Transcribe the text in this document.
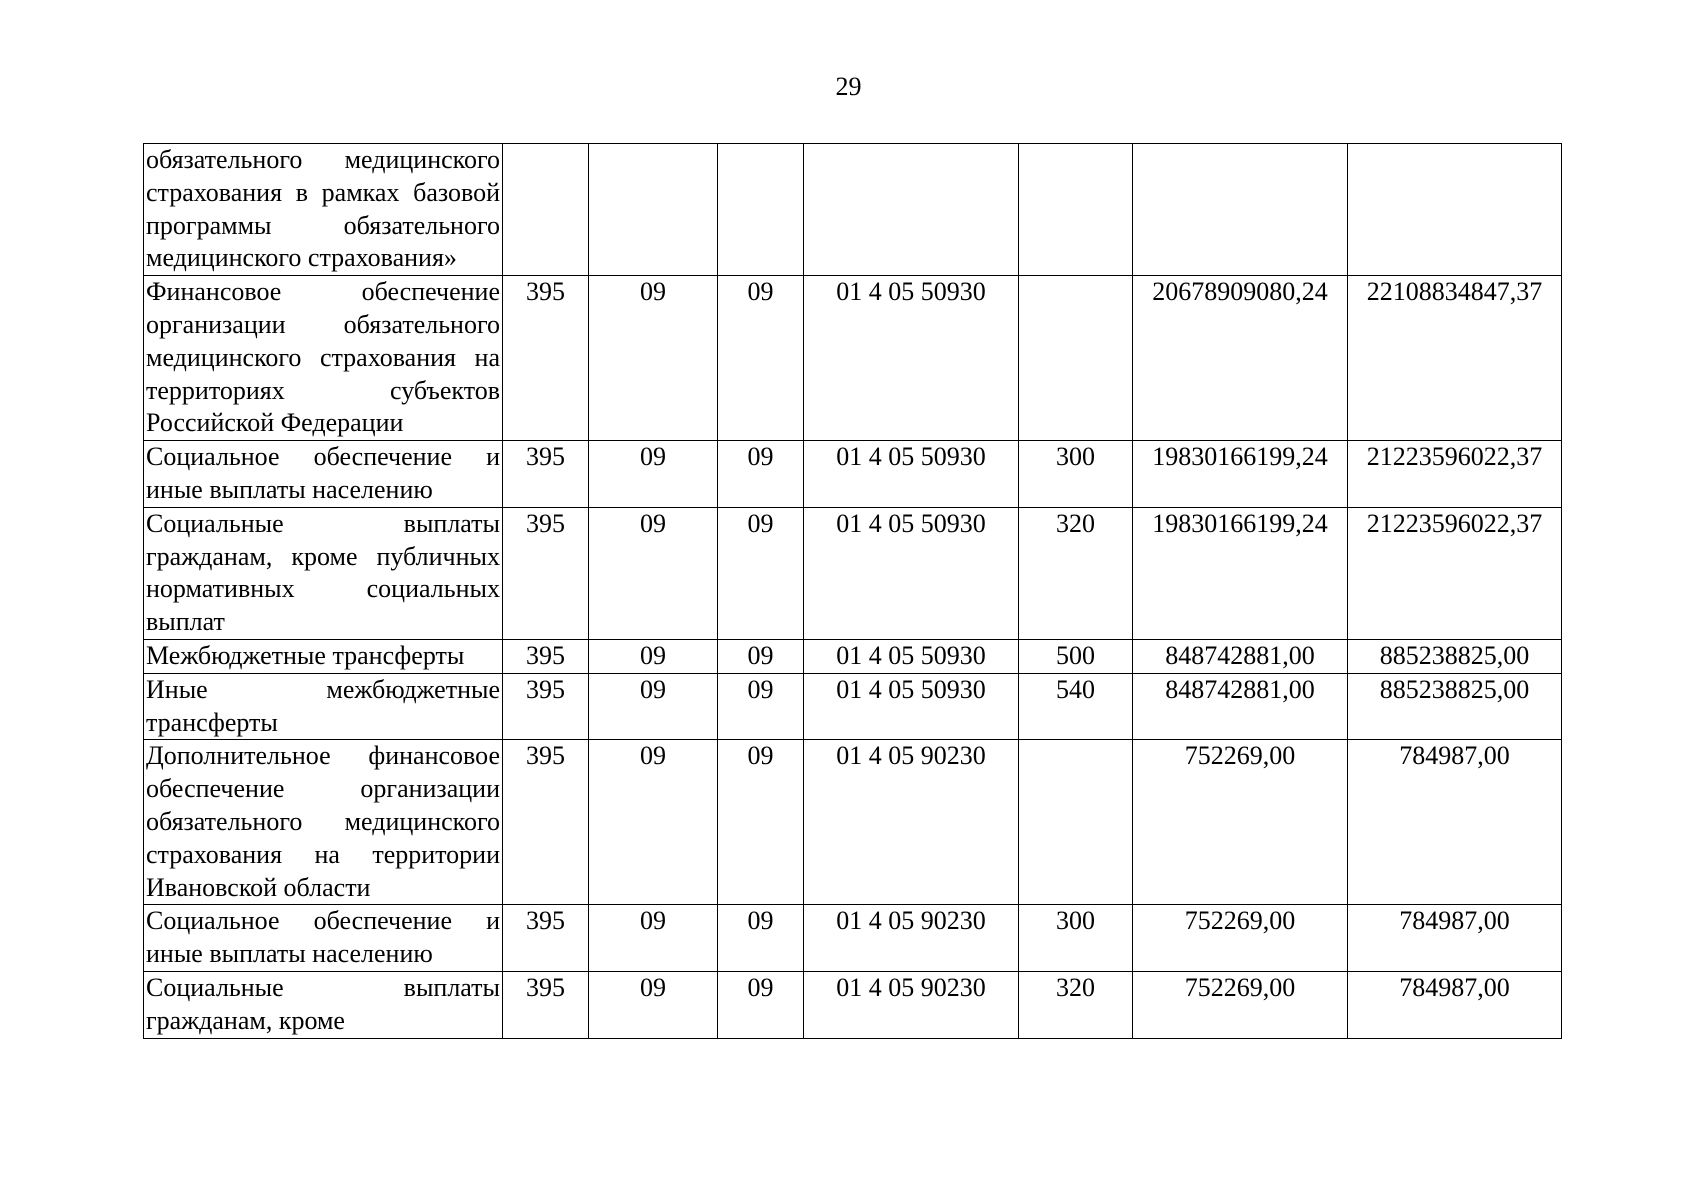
29
обязательного медицинского страхования в рамках базовой программы обязательного медицинского страхования»							
Финансовое обеспечение организации обязательного медицинского страхования на территориях субъектов Российской Федерации	395	09	09	01 4 05 50930		20678909080,24	22108834847,37
Социальное обеспечение и иные выплаты населению	395	09	09	01 4 05 50930	300	19830166199,24	21223596022,37
Социальные выплаты гражданам, кроме публичных нормативных социальных выплат	395	09	09	01 4 05 50930	320	19830166199,24	21223596022,37
Межбюджетные трансферты	395	09	09	01 4 05 50930	500	848742881,00	885238825,00
Иные межбюджетные трансферты	395	09	09	01 4 05 50930	540	848742881,00	885238825,00
Дополнительное финансовое обеспечение организации обязательного медицинского страхования на территории Ивановской области	395	09	09	01 4 05 90230		752269,00	784987,00
Социальное обеспечение и иные выплаты населению	395	09	09	01 4 05 90230	300	752269,00	784987,00
Социальные выплаты гражданам, кроме	395	09	09	01 4 05 90230	320	752269,00	784987,00
